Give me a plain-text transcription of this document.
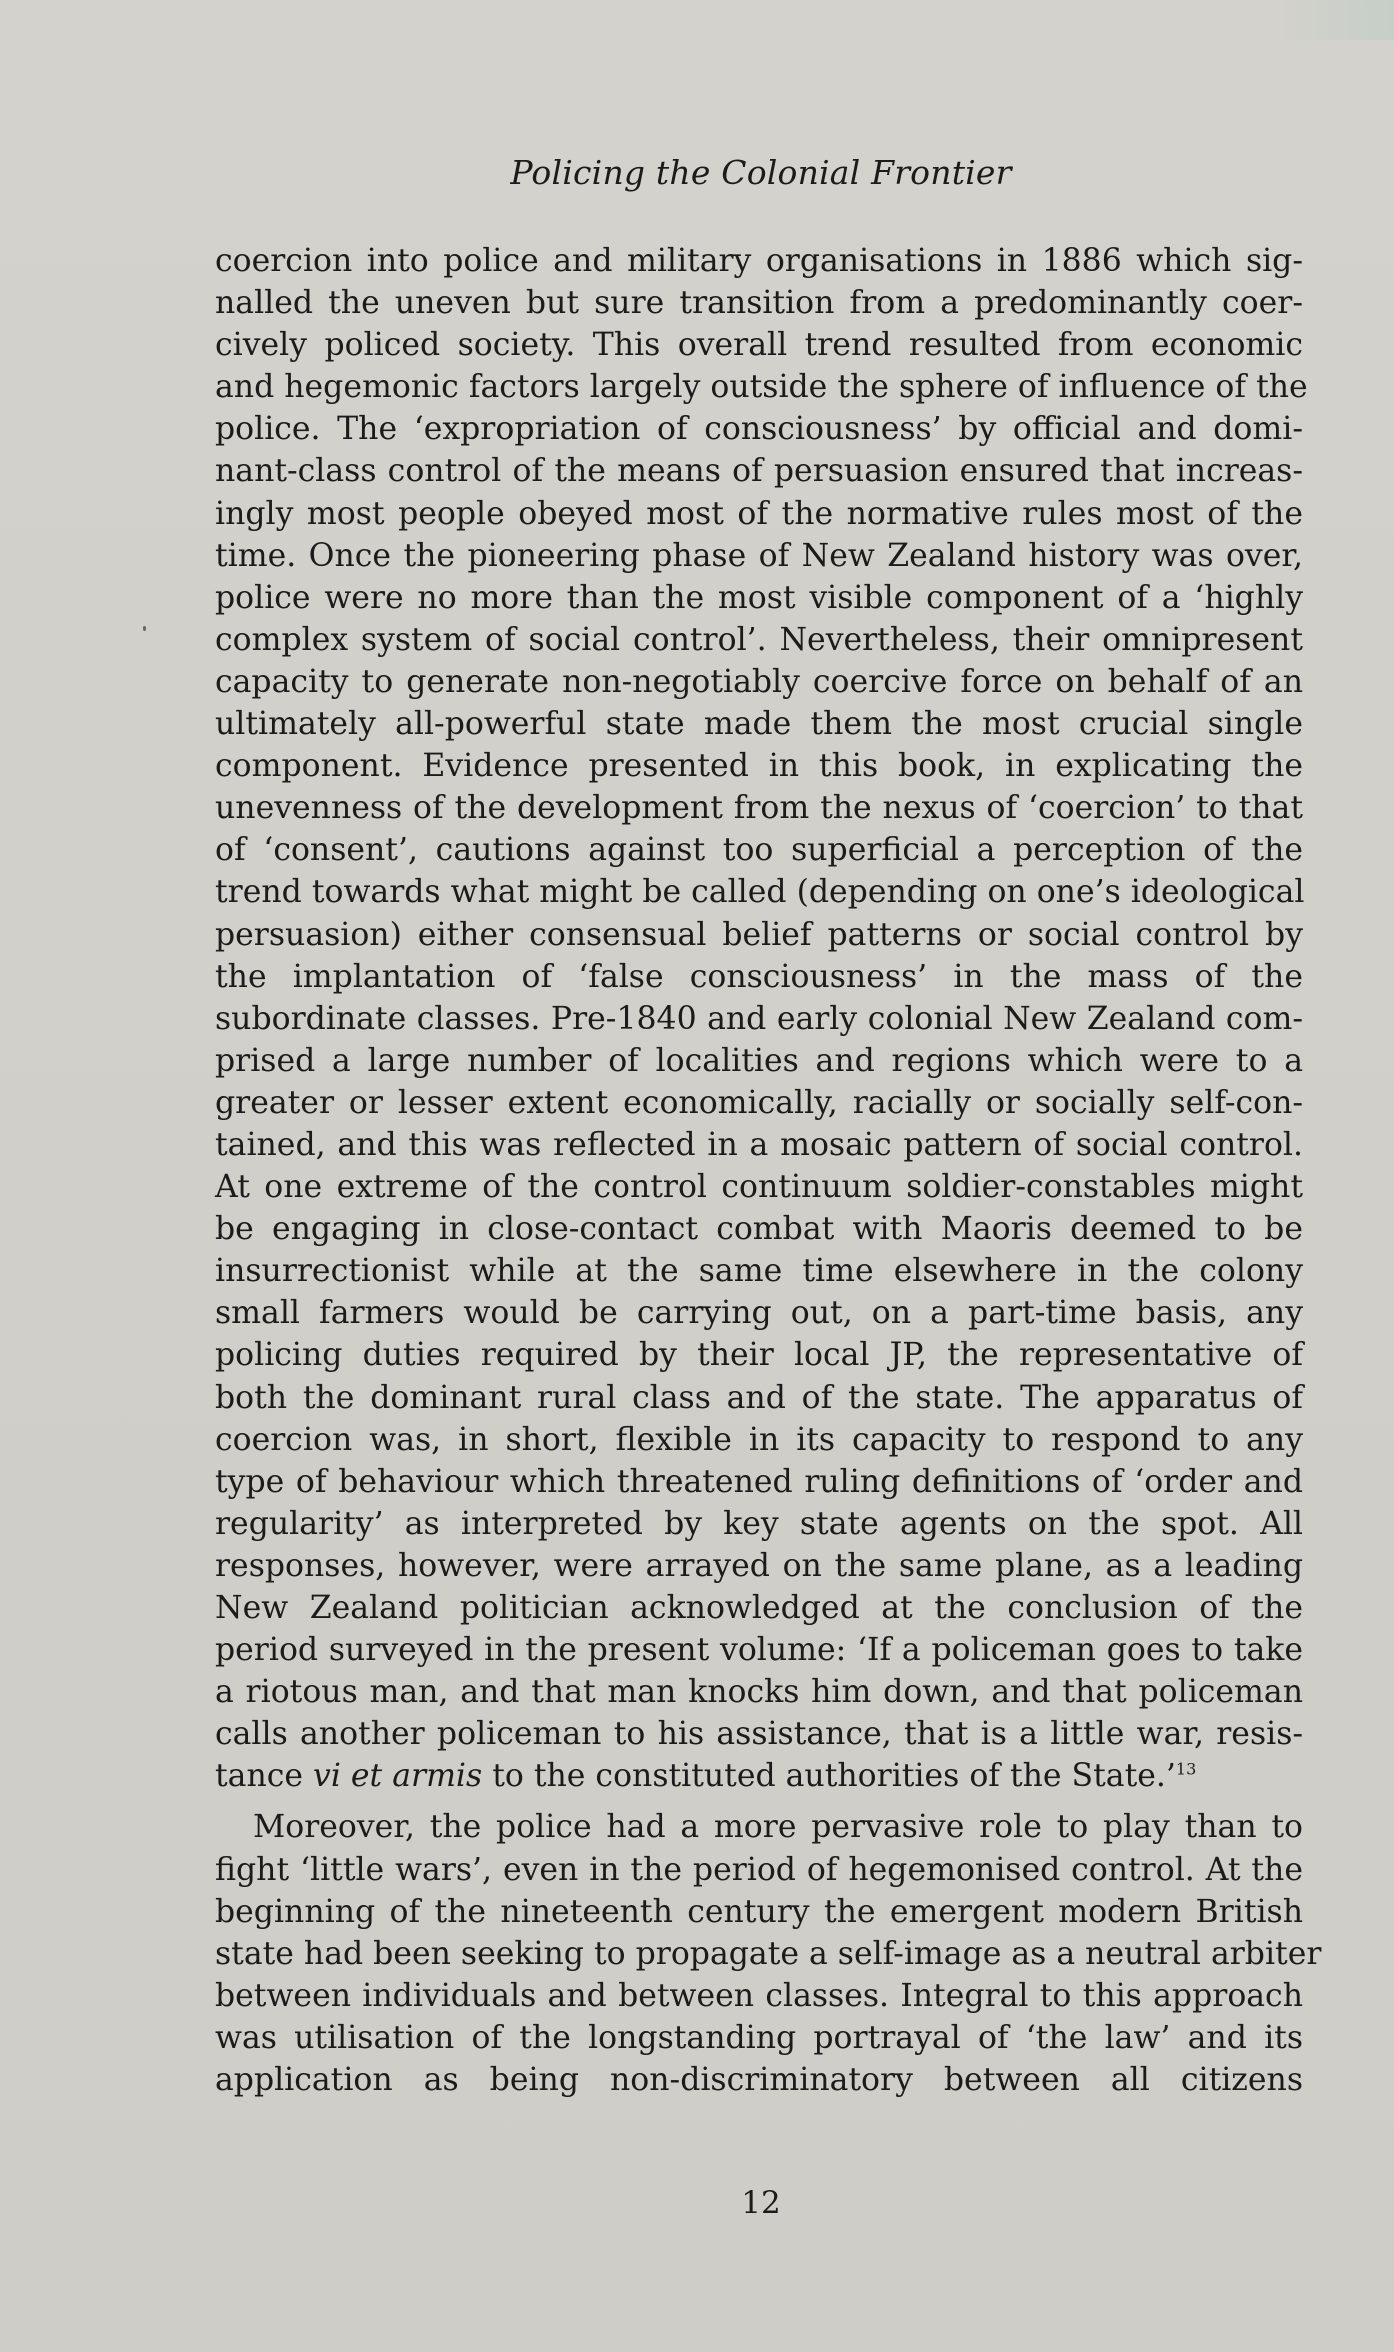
Policing the Colonial Frontier
coercion into police and military organisations in 1886 which sig-
nalled the uneven but sure transition from a predominantly coer-
cively policed society. This overall trend resulted from economic
and hegemonic factors largely outside the sphere of influence of the
police. The ‘expropriation of consciousness’ by official and domi-
nant-class control of the means of persuasion ensured that increas-
ingly most people obeyed most of the normative rules most of the
time. Once the pioneering phase of New Zealand history was over,
police were no more than the most visible component of a ‘highly
complex system of social control’. Nevertheless, their omnipresent
capacity to generate non-negotiably coercive force on behalf of an
ultimately all-powerful state made them the most crucial single
component. Evidence presented in this book, in explicating the
unevenness of the development from the nexus of ‘coercion’ to that
of ‘consent’, cautions against too superficial a perception of the
trend towards what might be called (depending on one’s ideological
persuasion) either consensual belief patterns or social control by
the implantation of ‘false consciousness’ in the mass of the
subordinate classes. Pre-1840 and early colonial New Zealand com-
prised a large number of localities and regions which were to a
greater or lesser extent economically, racially or socially self-con-
tained, and this was reflected in a mosaic pattern of social control.
At one extreme of the control continuum soldier-constables might
be engaging in close-contact combat with Maoris deemed to be
insurrectionist while at the same time elsewhere in the colony
small farmers would be carrying out, on a part-time basis, any
policing duties required by their local JP, the representative of
both the dominant rural class and of the state. The apparatus of
coercion was, in short, flexible in its capacity to respond to any
type of behaviour which threatened ruling definitions of ‘order and
regularity’ as interpreted by key state agents on the spot. All
responses, however, were arrayed on the same plane, as a leading
New Zealand politician acknowledged at the conclusion of the
period surveyed in the present volume: ‘If a policeman goes to take
a riotous man, and that man knocks him down, and that policeman
calls another policeman to his assistance, that is a little war, resis-
tance vi et armis to the constituted authorities of the State.’$^{13}$
Moreover, the police had a more pervasive role to play than to
fight ‘little wars’, even in the period of hegemonised control. At the
beginning of the nineteenth century the emergent modern British
state had been seeking to propagate a self-image as a neutral arbiter
between individuals and between classes. Integral to this approach
was utilisation of the longstanding portrayal of ‘the law’ and its
application as being non-discriminatory between all citizens
12
